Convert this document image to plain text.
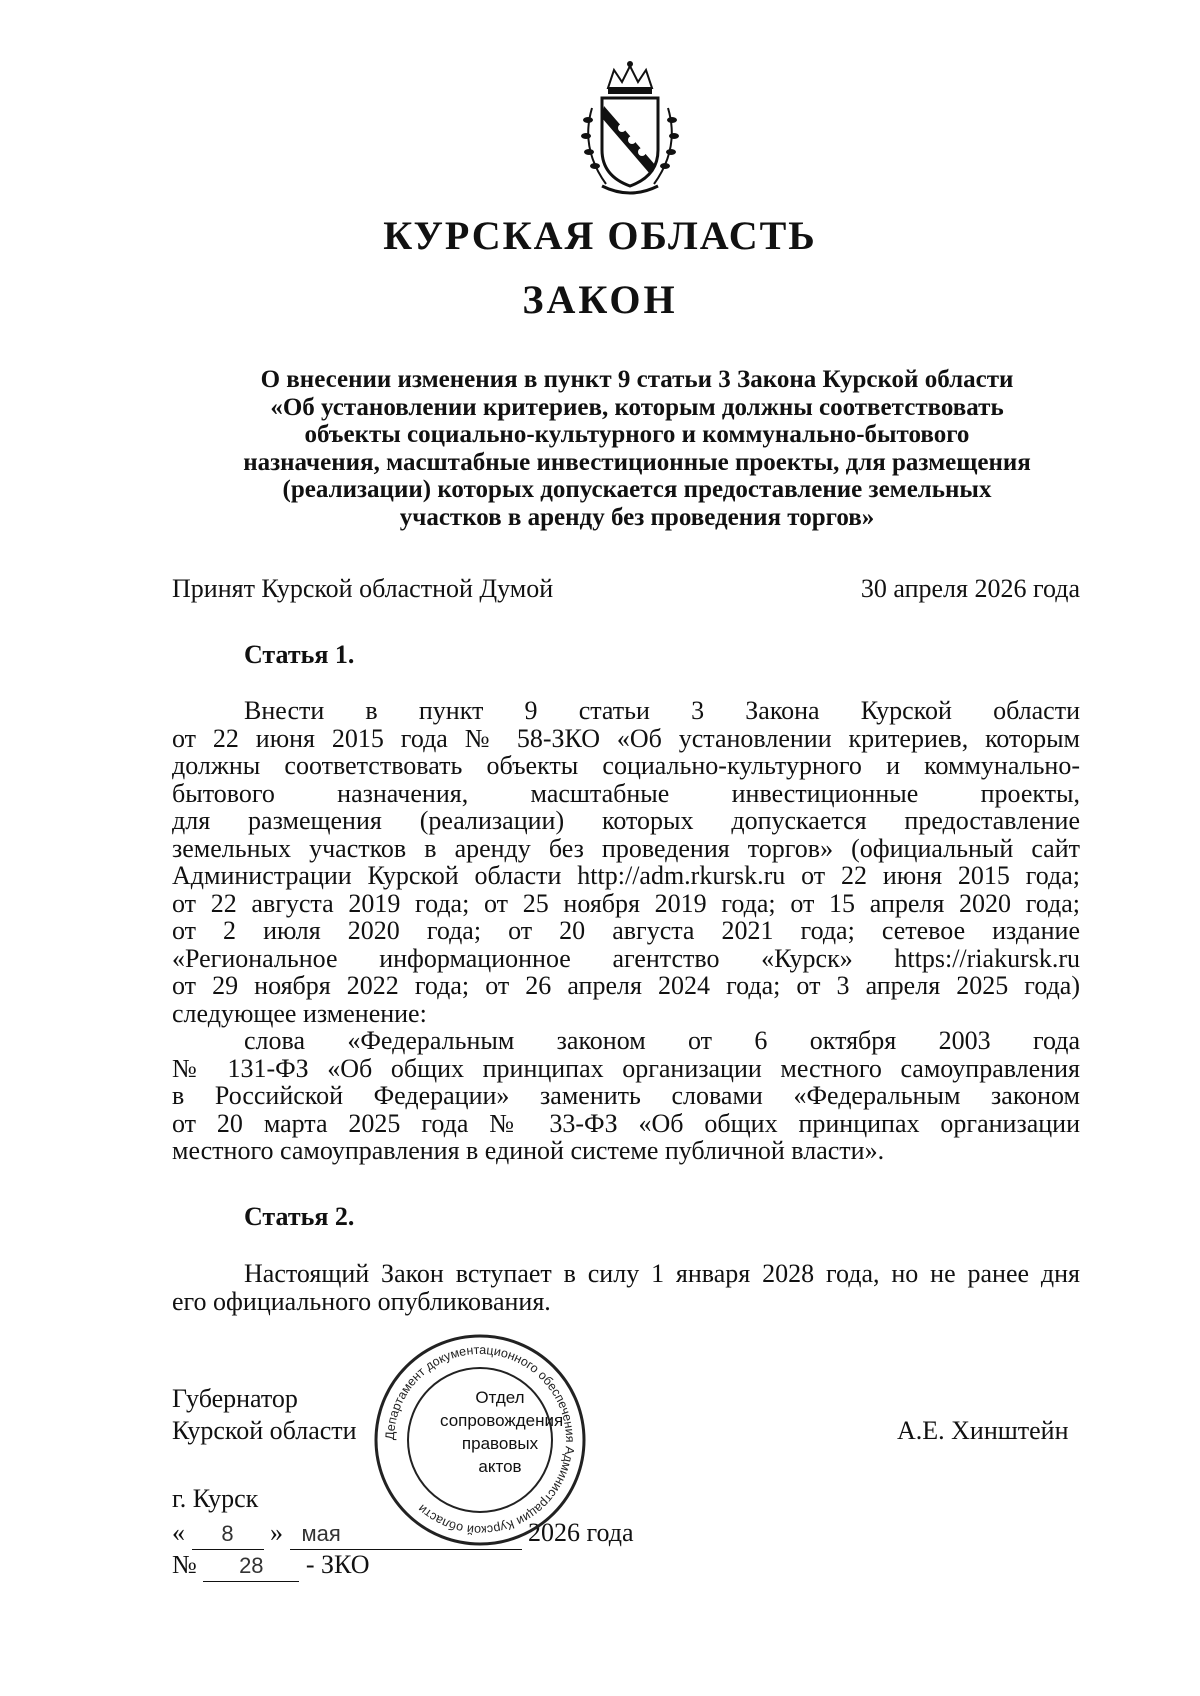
КУРСКАЯ ОБЛАСТЬ
ЗАКОН
О внесении изменения в пункт 9 статьи 3 Закона Курской области
«Об установлении критериев, которым должны соответствовать
объекты социально-культурного и коммунально-бытового
назначения, масштабные инвестиционные проекты, для размещения
(реализации) которых допускается предоставление земельных
участков в аренду без проведения торгов»
Принят Курской областной Думой	30 апреля 2026 года
Статья 1.
Внести в пункт 9 статьи 3 Закона Курской области
от 22 июня 2015 года № 58-ЗКО «Об установлении критериев, которым
должны соответствовать объекты социально-культурного и коммунально-
бытового назначения, масштабные инвестиционные проекты,
для размещения (реализации) которых допускается предоставление
земельных участков в аренду без проведения торгов» (официальный сайт
Администрации Курской области http://adm.rkursk.ru от 22 июня 2015 года;
от 22 августа 2019 года; от 25 ноября 2019 года; от 15 апреля 2020 года;
от 2 июля 2020 года; от 20 августа 2021 года; сетевое издание
«Региональное информационное агентство «Курск» https://riakursk.ru
от 29 ноября 2022 года; от 26 апреля 2024 года; от 3 апреля 2025 года)
следующее изменение:
слова «Федеральным законом от 6 октября 2003 года
№ 131-ФЗ «Об общих принципах организации местного самоуправления
в Российской Федерации» заменить словами «Федеральным законом
от 20 марта 2025 года № 33-ФЗ «Об общих принципах организации
местного самоуправления в единой системе публичной власти».
Статья 2.
Настоящий Закон вступает в силу 1 января 2028 года, но не ранее дня
его официального опубликования.
Губернатор
Курской области	А.Е. Хинштейн
г. Курск
« 8 » мая	2026 года
№ 28 - ЗКО
Департамент документационного обеспечения Администрации Курской области
Отдел
сопровождения
правовых
актов
